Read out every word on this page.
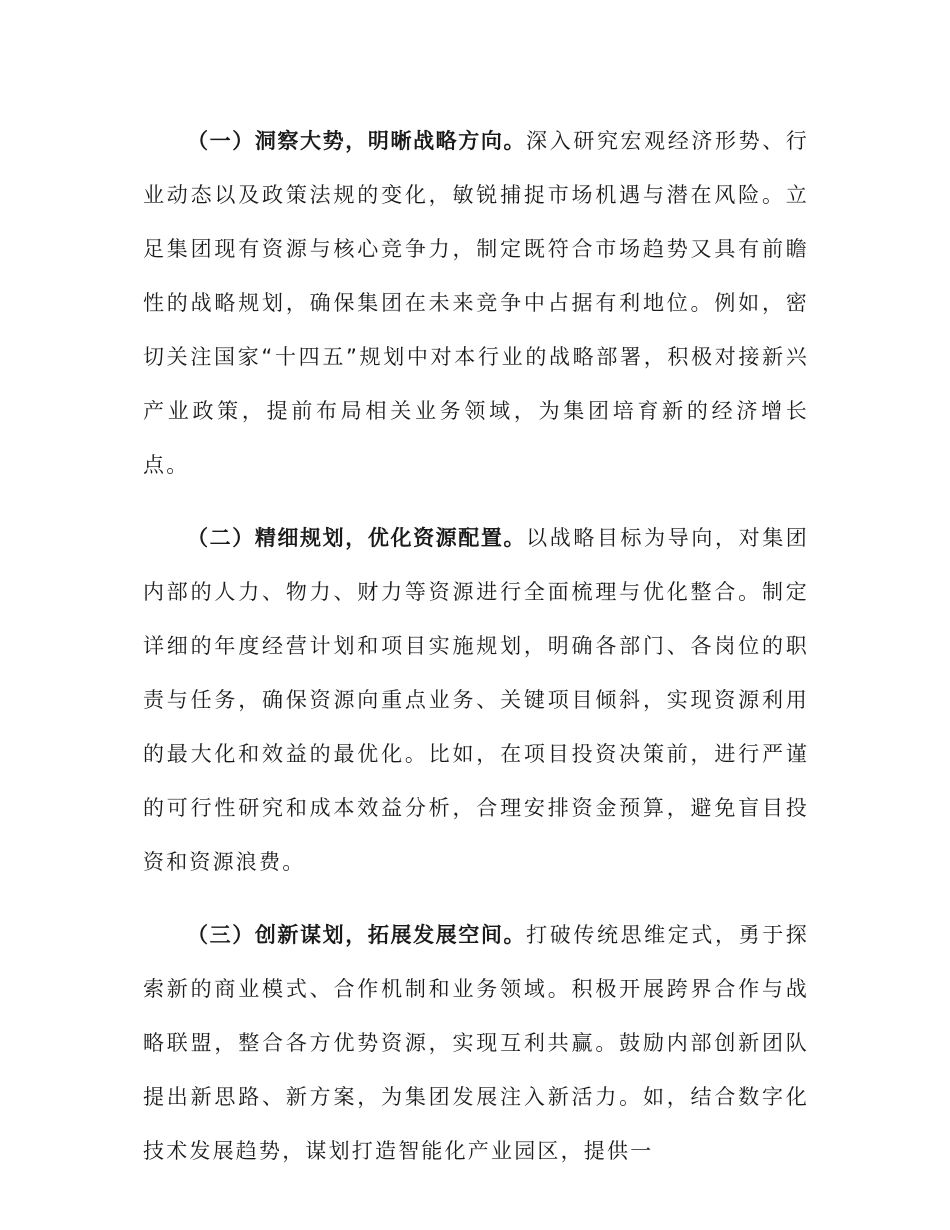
（一）洞察大势，明晰战略方向。深入研究宏观经济形势、行业动态以及政策法规的变化，敏锐捕捉市场机遇与潜在风险。立足集团现有资源与核心竞争力，制定既符合市场趋势又具有前瞻性的战略规划，确保集团在未来竞争中占据有利地位。例如，密切关注国家“十四五”规划中对本行业的战略部署，积极对接新兴产业政策，提前布局相关业务领域，为集团培育新的经济增长点。

（二）精细规划，优化资源配置。以战略目标为导向，对集团内部的人力、物力、财力等资源进行全面梳理与优化整合。制定详细的年度经营计划和项目实施规划，明确各部门、各岗位的职责与任务，确保资源向重点业务、关键项目倾斜，实现资源利用的最大化和效益的最优化。比如，在项目投资决策前，进行严谨的可行性研究和成本效益分析，合理安排资金预算，避免盲目投资和资源浪费。

（三）创新谋划，拓展发展空间。打破传统思维定式，勇于探索新的商业模式、合作机制和业务领域。积极开展跨界合作与战略联盟，整合各方优势资源，实现互利共赢。鼓励内部创新团队提出新思路、新方案，为集团发展注入新活力。如，结合数字化技术发展趋势，谋划打造智能化产业园区，提供一
